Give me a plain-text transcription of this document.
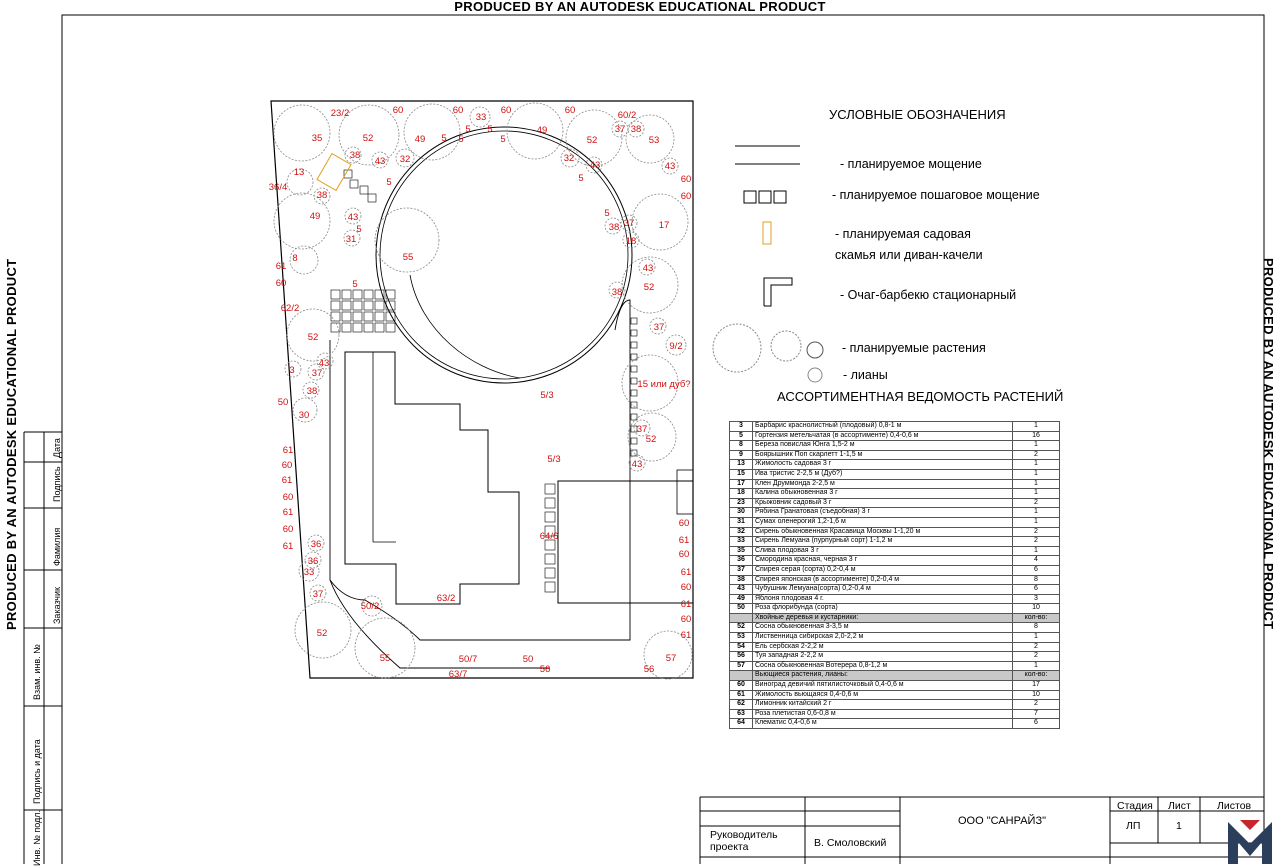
PRODUCED BY AN AUTODESK EDUCATIONAL PRODUCT
PRODUCED BY AN AUTODESK EDUCATIONAL PRODUCT	PRODUCED BY AN AUTODESK EDUCATIONAL PRODUCT
23/2	60	60	60	60	60/2
35	52	49
33
5
5 5
5
5
49
52
37 38
53
38
43 32	32
43	43
13
5	5	60
36/4
38	60
49	43
5
31
5
38 37	17
18
55
8
61	43
60	5	52
38
62/2
52
37
9/2
43
3 37
15 или дуб?
38	5/3
50
30
37
52
61
5/3	43
60
61
60
61
60
60
64/6	61
36
61
60
36
33	61
37
60
63/2
61
50/2
60
52	61
55	50/7	50	57
56	56
63/7
УСЛОВНЫЕ ОБОЗНАЧЕНИЯ
- планируемое мощение
- планируемое пошаговое мощение
- планируемая садовая
скамья или диван-качели
- Очаг-барбекю стационарный
- планируемые растения
- лианы
АССОРТИМЕНТНАЯ ВЕДОМОСТЬ РАСТЕНИЙ
3	Барбарис краснолистный (плодовый) 0,8-1 м	1
5	Гортензия метельчатая (в ассортименте) 0,4-0,6 м	16
8	Береза повислая Юнга 1,5-2 м	1
9	Боярышник Поп скарлетт 1-1,5 м	2
13	Жимолость садовая 3 г	1
15	Ива тристис 2-2,5 м (Дуб?)	1
17	Клен Друммонда 2-2,5 м	1
18	Калина обыкновенная 3 г	1
23	Крыжовник садовый 3 г	2
30	Рябина Гранатовая (съедобная) 3 г	1
31	Сумах оленерогий 1,2-1,6 м	1
32	Сирень обыкновенная Красавица Москвы 1-1,20 м	2
33	Сирень Лемуана (пурпурный сорт) 1-1,2 м	2
35	Слива плодовая 3 г	1
36	Смородина красная, черная 3 г	4
37	Спирея серая (сорта) 0,2-0,4 м	6
38	Спирея японская (в ассортименте) 0,2-0,4 м	8
43	Чубушник Лемуана(сорта) 0,2-0,4 м	6
49	Яблоня плодовая 4 г.	3
50	Роза флорибунда (сорта)	10
	Хвойные деревья и кустарники:	кол-во:
52	Сосна обыкновенная 3-3,5 м	8
53	Лиственница сибирская 2,0-2,2 м	1
54	Ель сербская 2-2,2 м	2
56	Туя западная 2-2,2 м	2
57	Сосна обыкновенная Вотерера 0,8-1,2 м	1
	Вьющиеся растения, лианы:	кол-во:
60	Виноград девичий пятилисточковый 0,4-0,6 м	17
61	Жимолость вьющаяся 0,4-0,6 м	10
62	Лимонник китайский 2 г	2
63	Роза плетистая 0,6-0,8 м	7
64	Клематис 0,4-0,6 м	6
Дата
Подпись
Фамилия
Заказчик
Взам. инв. №
Подпись и дата
Инв. № подл.	ООО "САНРАЙЗ"
Стадия Лист Листов
ЛП	1
Руководитель проекта	В. Смоловский
